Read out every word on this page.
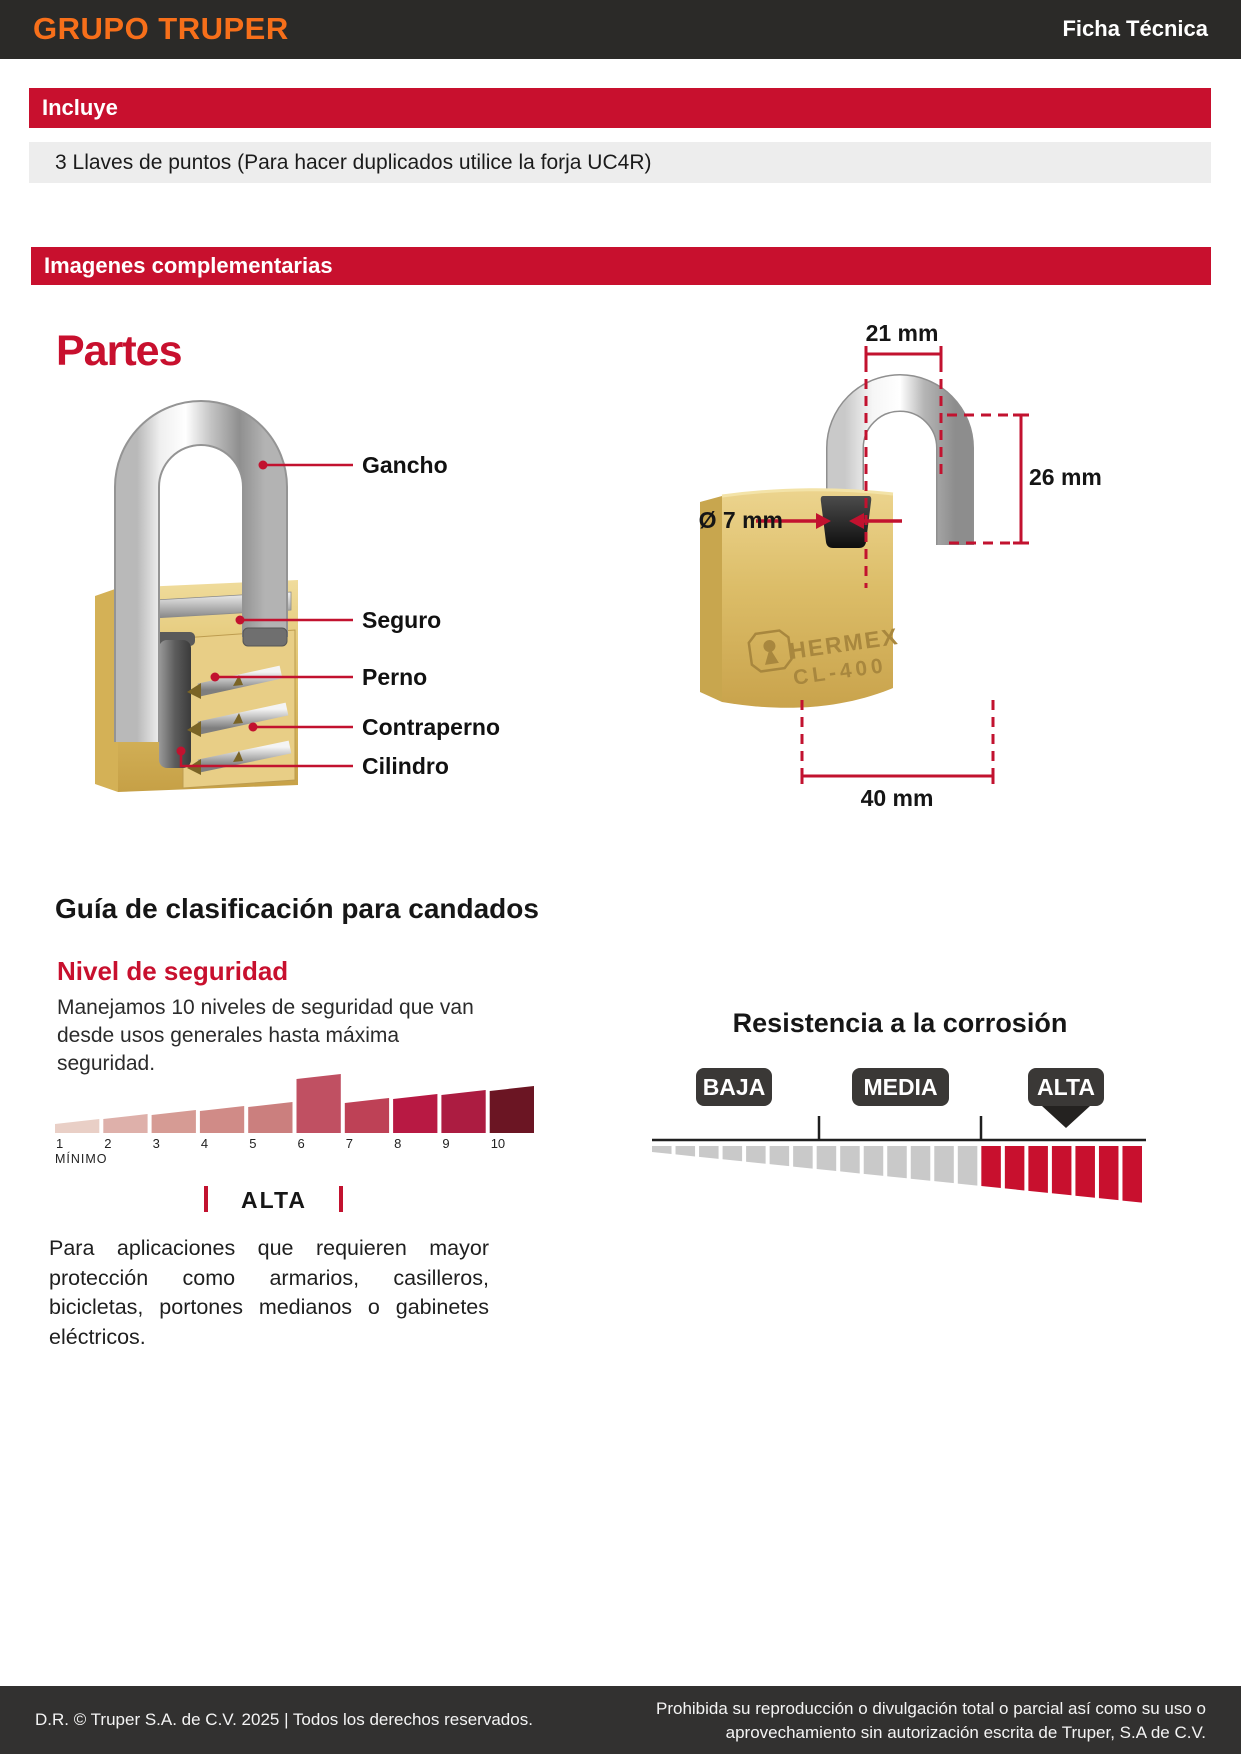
GRUPO TRUPER	Ficha Técnica
Incluye
3 Llaves de puntos (Para hacer duplicados utilice la forja UC4R)
Imagenes complementarias
Partes
Gancho
Seguro
Perno
Contraperno
Cilindro
HERMEX
CL-400
21 mm
26 mm
Ø 7 mm
40 mm
Guía de clasificación para candados
Nivel de seguridad
Manejamos 10 niveles de seguridad que van desde usos generales hasta máxima seguridad.
1	2	3	4	5	6	7	8	9	10
MÍNIMO
ALTA
Para aplicaciones que requieren mayor protección como armarios, casilleros, bicicletas, portones medianos o gabinetes eléctricos.
Resistencia a la corrosión
BAJA	MEDIA	ALTA
D.R. © Truper S.A. de C.V. 2025 | Todos los derechos reservados.
Prohibida su reproducción o divulgación total o parcial así como su uso o
aprovechamiento sin autorización escrita de Truper, S.A de C.V.
